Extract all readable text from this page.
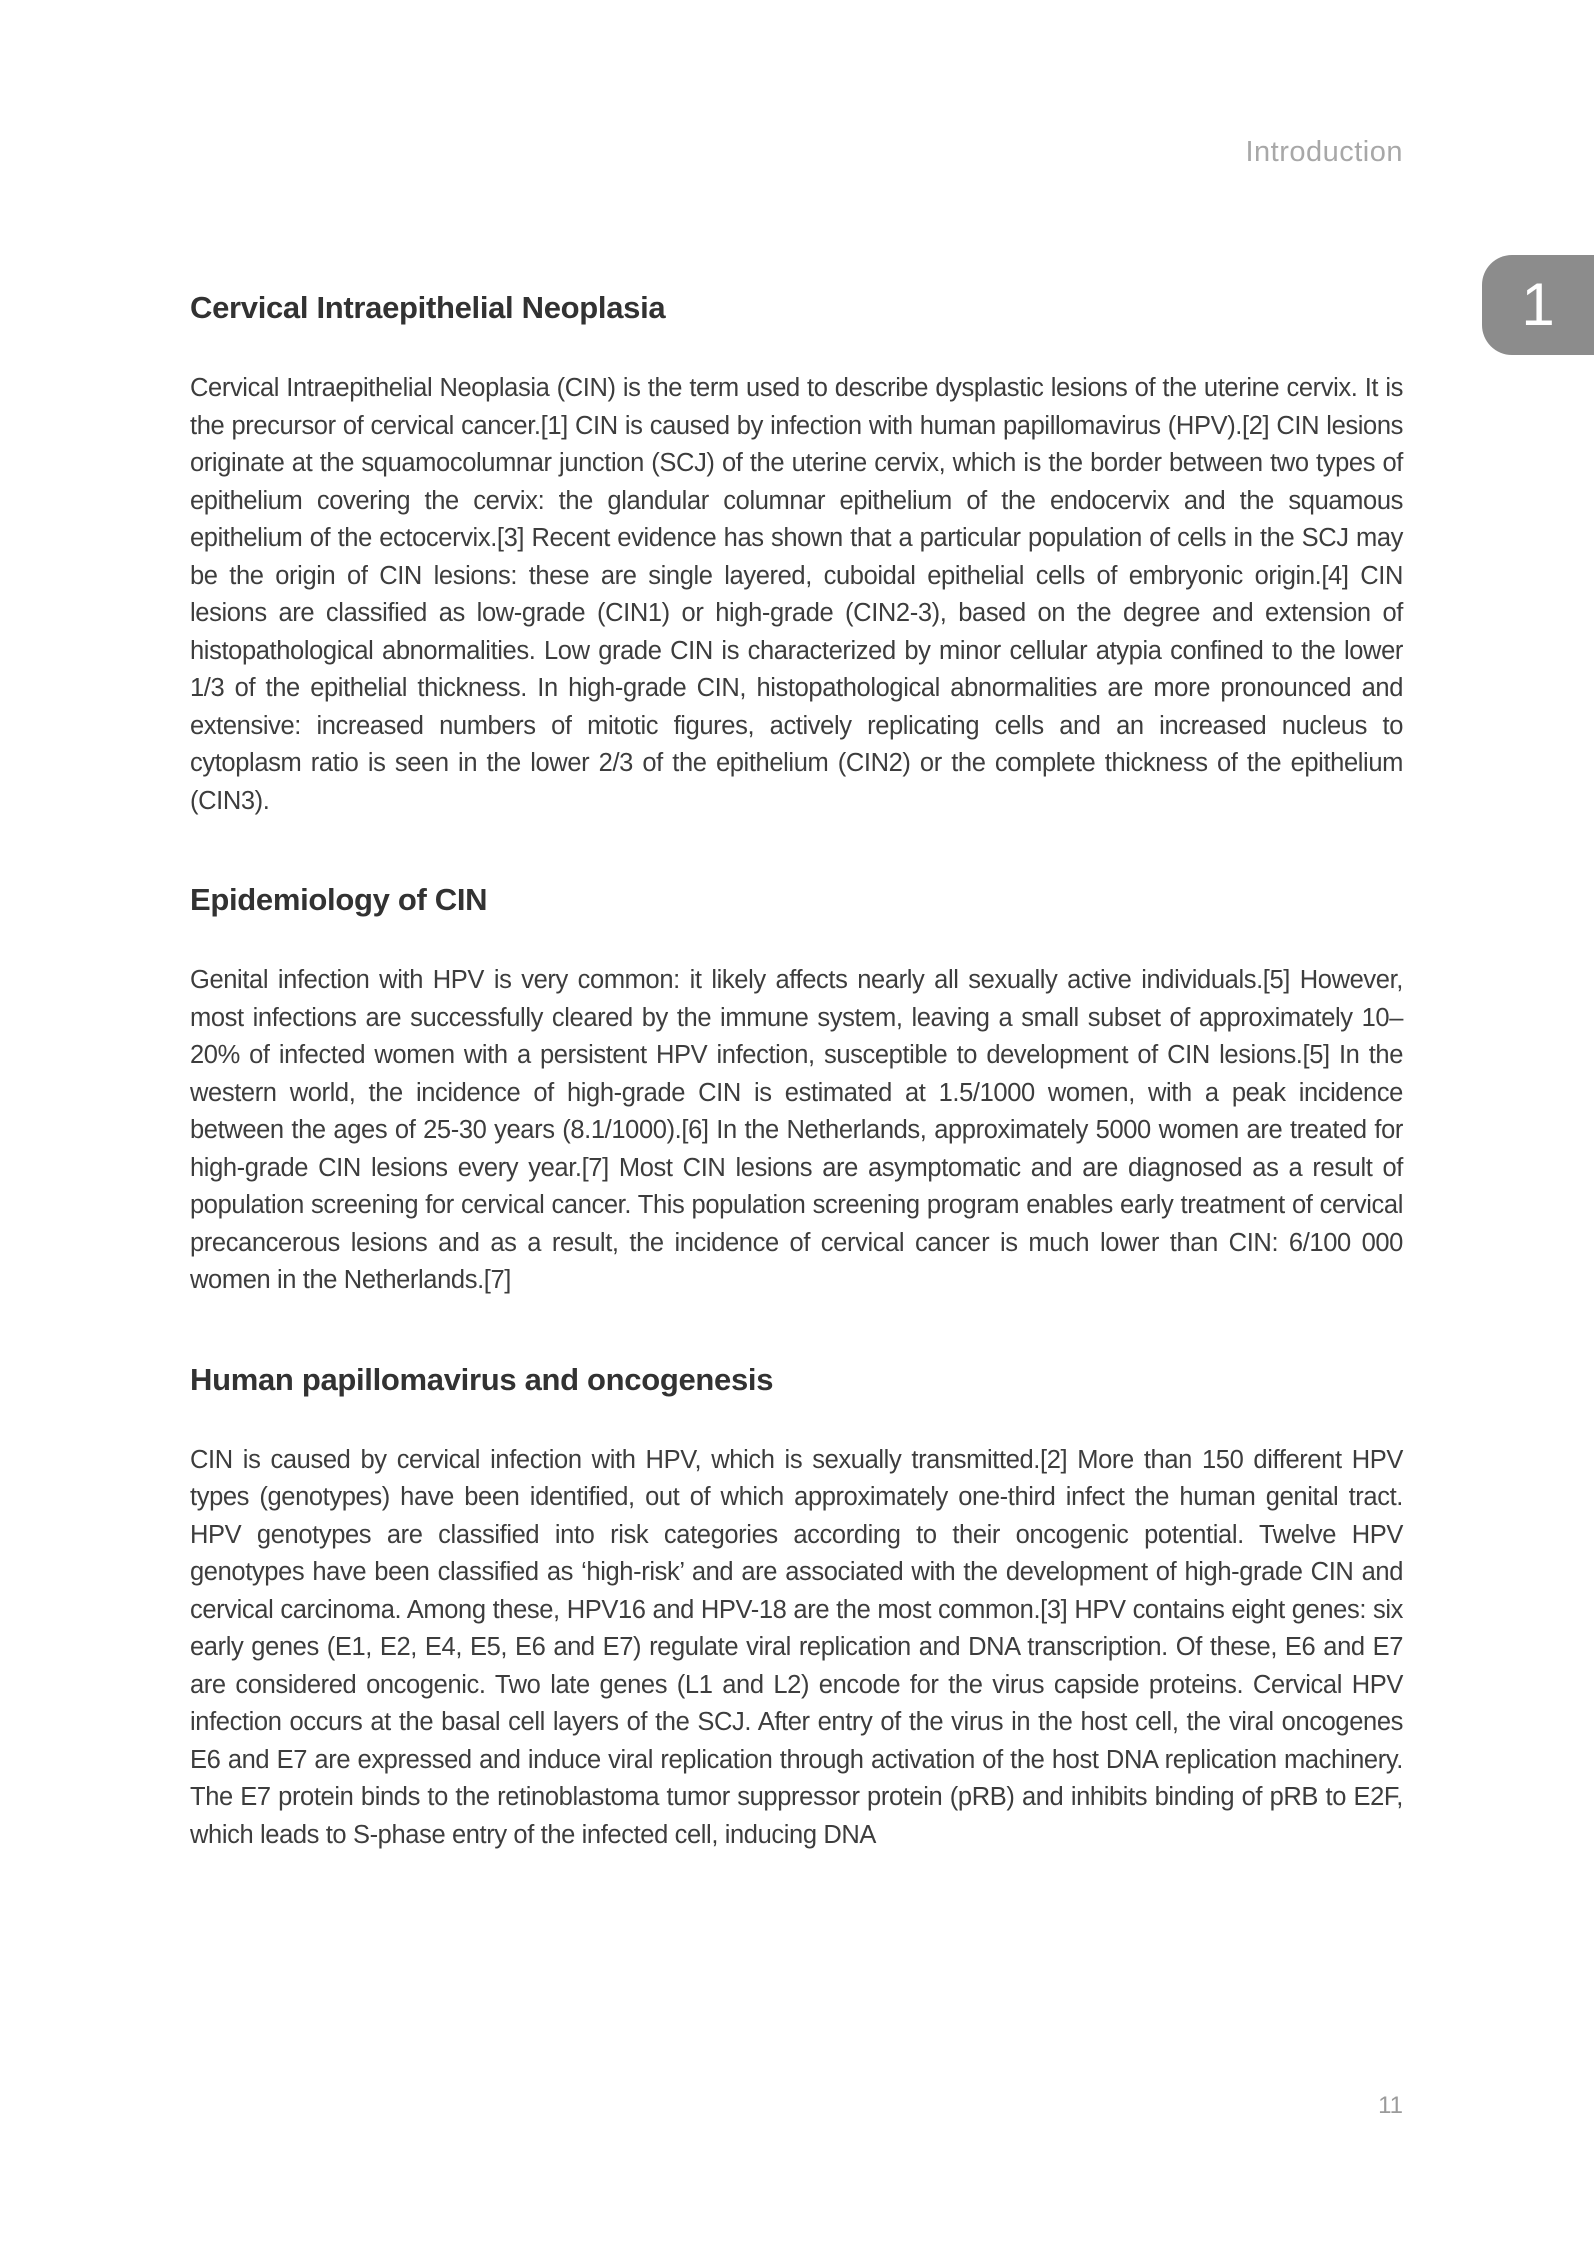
Introduction
1
Cervical Intraepithelial Neoplasia

Cervical Intraepithelial Neoplasia (CIN) is the term used to describe dysplastic lesions of the uterine cervix. It is the precursor of cervical cancer.[1] CIN is caused by infection with human papillomavirus (HPV).[2] CIN lesions originate at the squamocolumnar junction (SCJ) of the uterine cervix, which is the border between two types of epithelium covering the cervix: the glandular columnar epithelium of the endocervix and the squamous epithelium of the ectocervix.[3] Recent evidence has shown that a particular population of cells in the SCJ may be the origin of CIN lesions: these are single layered, cuboidal epithelial cells of embryonic origin.[4] CIN lesions are classified as low-grade (CIN1) or high-grade (CIN2-3), based on the degree and extension of histopathological abnormalities. Low grade CIN is characterized by minor cellular atypia confined to the lower 1/3 of the epithelial thickness. In high-grade CIN, histopathological abnormalities are more pronounced and extensive: increased numbers of mitotic figures, actively replicating cells and an increased nucleus to cytoplasm ratio is seen in the lower 2/3 of the epithelium (CIN2) or the complete thickness of the epithelium (CIN3).

Epidemiology of CIN

Genital infection with HPV is very common: it likely affects nearly all sexually active individuals.[5] However, most infections are successfully cleared by the immune system, leaving a small subset of approximately 10–20% of infected women with a persistent HPV infection, susceptible to development of CIN lesions.[5] In the western world, the incidence of high-grade CIN is estimated at 1.5/1000 women, with a peak incidence between the ages of 25-30 years (8.1/1000).[6] In the Netherlands, approximately 5000 women are treated for high-grade CIN lesions every year.[7] Most CIN lesions are asymptomatic and are diagnosed as a result of population screening for cervical cancer. This population screening program enables early treatment of cervical precancerous lesions and as a result, the incidence of cervical cancer is much lower than CIN: 6/100 000 women in the Netherlands.[7]

Human papillomavirus and oncogenesis

CIN is caused by cervical infection with HPV, which is sexually transmitted.[2] More than 150 different HPV types (genotypes) have been identified, out of which approximately one-third infect the human genital tract. HPV genotypes are classified into risk categories according to their oncogenic potential. Twelve HPV genotypes have been classified as ‘high-risk’ and are associated with the development of high-grade CIN and cervical carcinoma. Among these, HPV16 and HPV-18 are the most common.[3] HPV contains eight genes: six early genes (E1, E2, E4, E5, E6 and E7) regulate viral replication and DNA transcription. Of these, E6 and E7 are considered oncogenic. Two late genes (L1 and L2) encode for the virus capside proteins. Cervical HPV infection occurs at the basal cell layers of the SCJ. After entry of the virus in the host cell, the viral oncogenes E6 and E7 are expressed and induce viral replication through activation of the host DNA replication machinery. The E7 protein binds to the retinoblastoma tumor suppressor protein (pRB) and inhibits binding of pRB to E2F, which leads to S-phase entry of the infected cell, inducing DNA

11
